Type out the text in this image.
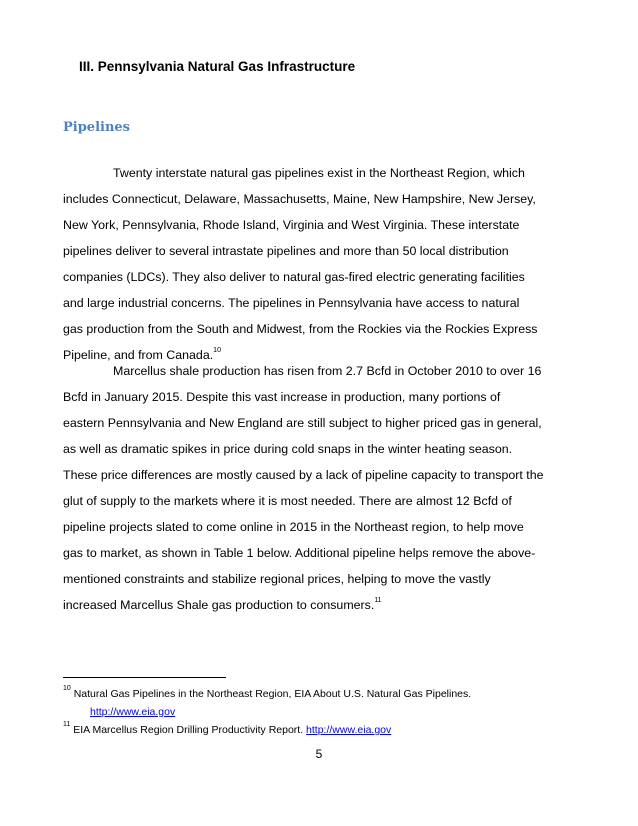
III. Pennsylvania Natural Gas Infrastructure
Pipelines
Twenty interstate natural gas pipelines exist in the Northeast Region, which
includes Connecticut, Delaware, Massachusetts, Maine, New Hampshire, New Jersey,
New York, Pennsylvania, Rhode Island, Virginia and West Virginia. These interstate
pipelines deliver to several intrastate pipelines and more than 50 local distribution
companies (LDCs). They also deliver to natural gas-fired electric generating facilities
and large industrial concerns. The pipelines in Pennsylvania have access to natural
gas production from the South and Midwest, from the Rockies via the Rockies Express
Pipeline, and from Canada.$^{10}$
Marcellus shale production has risen from 2.7 Bcfd in October 2010 to over 16
Bcfd in January 2015. Despite this vast increase in production, many portions of
eastern Pennsylvania and New England are still subject to higher priced gas in general,
as well as dramatic spikes in price during cold snaps in the winter heating season.
These price differences are mostly caused by a lack of pipeline capacity to transport the
glut of supply to the markets where it is most needed. There are almost 12 Bcfd of
pipeline projects slated to come online in 2015 in the Northeast region, to help move
gas to market, as shown in Table 1 below. Additional pipeline helps remove the above-
mentioned constraints and stabilize regional prices, helping to move the vastly
increased Marcellus Shale gas production to consumers.$^{11}$
$^{10}$ Natural Gas Pipelines in the Northeast Region, EIA About U.S. Natural Gas Pipelines.
http://www.eia.gov
$^{11}$ EIA Marcellus Region Drilling Productivity Report. http://www.eia.gov
5
